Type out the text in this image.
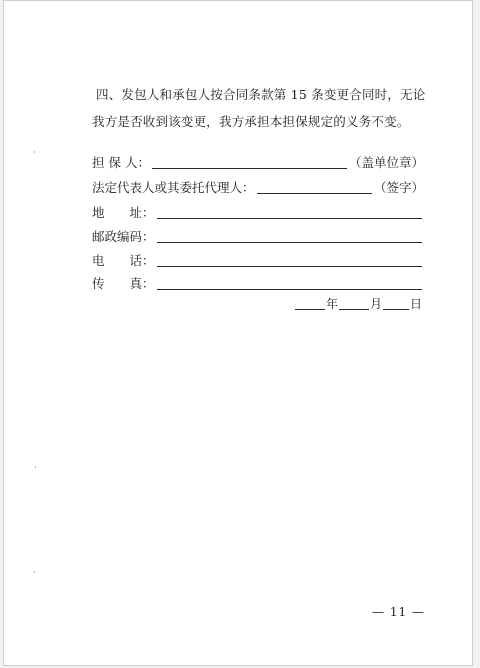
四、发包人和承包人按合同条款第 15 条变更合同时，无论
我方是否收到该变更，我方承担本担保规定的义务不变。
担 保 人：	（盖单位章）
法定代表人或其委托代理人：	（签字）
地　　址：
邮政编码：
电　　话：
传　　真：
年	月 日
— 11 —
